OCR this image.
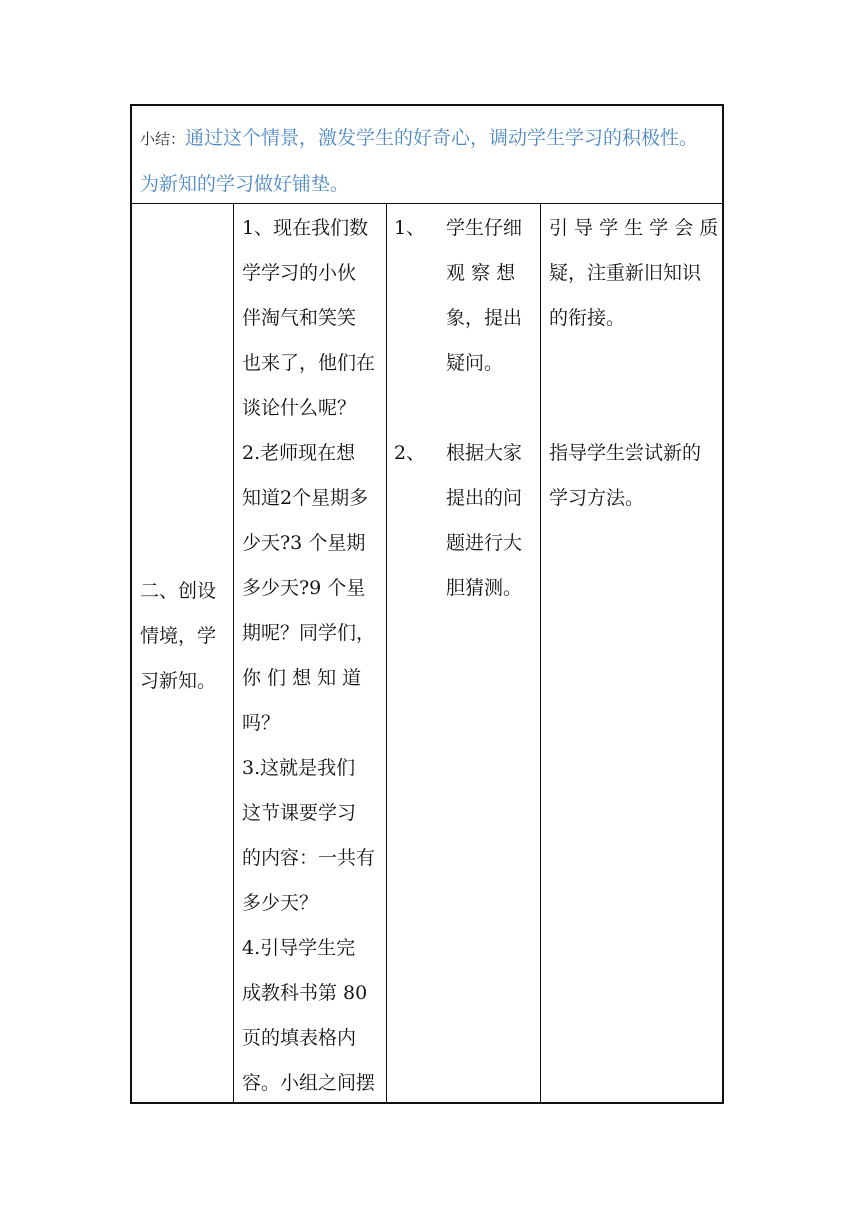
小结：通过这个情景，激发学生的好奇心，调动学生学习的积极性。
为新知的学习做好铺垫。
二、创设
情境，学
习新知。
1、现在我们数
学学习的小伙
伴淘气和笑笑
也来了，他们在
谈论什么呢？
2.老师现在想
知道2个星期多
少天?3 个星期
多少天?9 个星
期呢？同学们，
你 们 想 知 道
吗？
3.这就是我们
这节课要学习
的内容：一共有
多少天？
4.引导学生完
成教科书第 80
页的填表格内
容。小组之间摆
1、	学生仔细
观 察 想
象，提出
疑问。
2、	根据大家
提出的问
题进行大
胆猜测。
引 导 学 生 学 会 质
疑，注重新旧知识
的衔接。
指导学生尝试新的
学习方法。
